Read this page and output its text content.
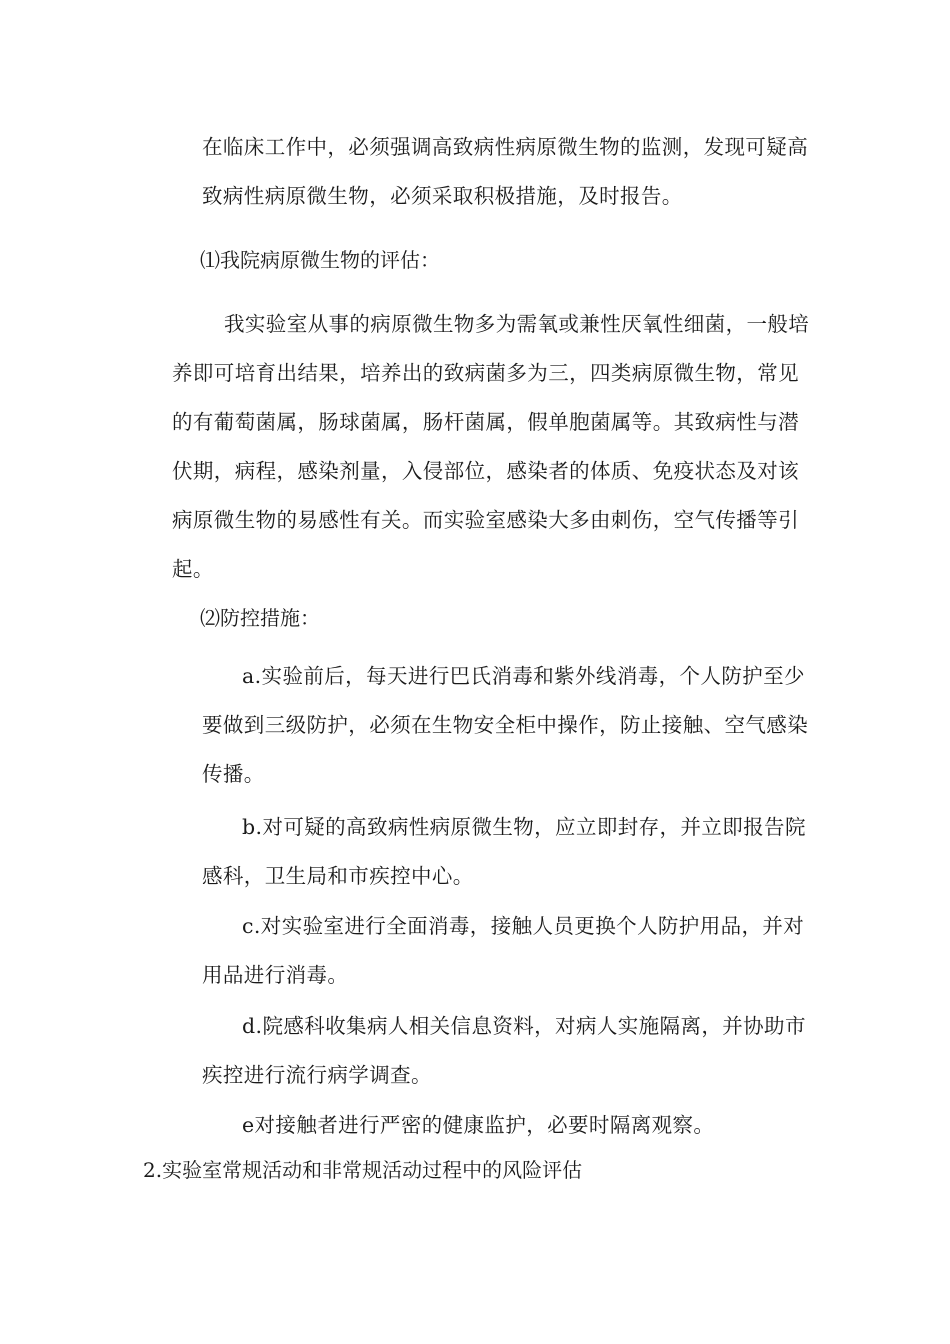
在临床工作中，必须强调高致病性病原微生物的监测，发现可疑高致病性病原微生物，必须采取积极措施，及时报告。

⑴我院病原微生物的评估：

我实验室从事的病原微生物多为需氧或兼性厌氧性细菌，一般培养即可培育出结果，培养出的致病菌多为三，四类病原微生物，常见的有葡萄菌属，肠球菌属，肠杆菌属，假单胞菌属等。其致病性与潜伏期，病程，感染剂量，入侵部位，感染者的体质、免疫状态及对该病原微生物的易感性有关。而实验室感染大多由刺伤，空气传播等引起。

⑵防控措施：

a.实验前后，每天进行巴氏消毒和紫外线消毒，个人防护至少要做到三级防护，必须在生物安全柜中操作，防止接触、空气感染传播。

b.对可疑的高致病性病原微生物，应立即封存，并立即报告院感科，卫生局和市疾控中心。

c.对实验室进行全面消毒，接触人员更换个人防护用品，并对用品进行消毒。

d.院感科收集病人相关信息资料，对病人实施隔离，并协助市疾控进行流行病学调查。

e对接触者进行严密的健康监护，必要时隔离观察。

2.实验室常规活动和非常规活动过程中的风险评估
